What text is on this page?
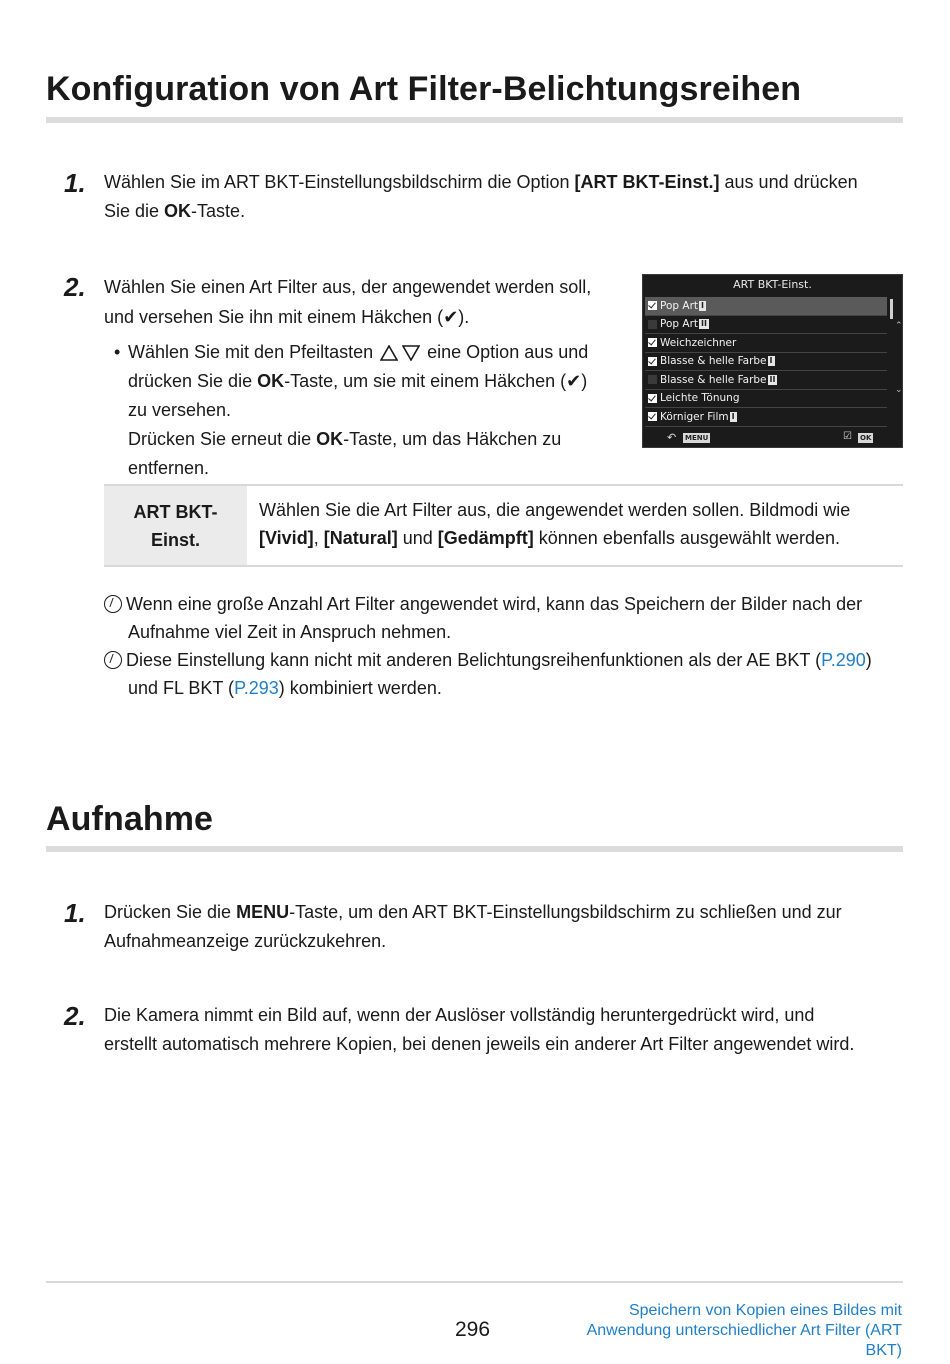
Konfiguration von Art Filter-Belichtungsreihen
1. Wählen Sie im ART BKT-Einstellungsbildschirm die Option [ART BKT-Einst.] aus und drücken
Sie die OK-Taste.
2. Wählen Sie einen Art Filter aus, der angewendet werden soll,
und versehen Sie ihn mit einem Häkchen (✔).
• Wählen Sie mit den Pfeiltasten  eine Option aus und
drücken Sie die OK-Taste, um sie mit einem Häkchen (✔)
zu versehen.
Drücken Sie erneut die OK-Taste, um das Häkchen zu
entfernen.
ART BKT-Einst.
Pop Art I
Pop Art II
Weichzeichner
Blasse & helle Farbe I
Blasse & helle Farbe II
Leichte Tönung
Körniger Film I
⌃
⌄
↶ MENU	☑ OK
ART BKT-
Einst.
Wählen Sie die Art Filter aus, die angewendet werden sollen. Bildmodi wie
[Vivid], [Natural] und [Gedämpft] können ebenfalls ausgewählt werden.
Wenn eine große Anzahl Art Filter angewendet wird, kann das Speichern der Bilder nach der
Aufnahme viel Zeit in Anspruch nehmen.
Diese Einstellung kann nicht mit anderen Belichtungsreihenfunktionen als der AE BKT (P.290)
und FL BKT (P.293) kombiniert werden.
Aufnahme
1. Drücken Sie die MENU-Taste, um den ART BKT-Einstellungsbildschirm zu schließen und zur
Aufnahmeanzeige zurückzukehren.
2. Die Kamera nimmt ein Bild auf, wenn der Auslöser vollständig heruntergedrückt wird, und
erstellt automatisch mehrere Kopien, bei denen jeweils ein anderer Art Filter angewendet wird.
296
Speichern von Kopien eines Bildes mit
Anwendung unterschiedlicher Art Filter (ART
BKT)
